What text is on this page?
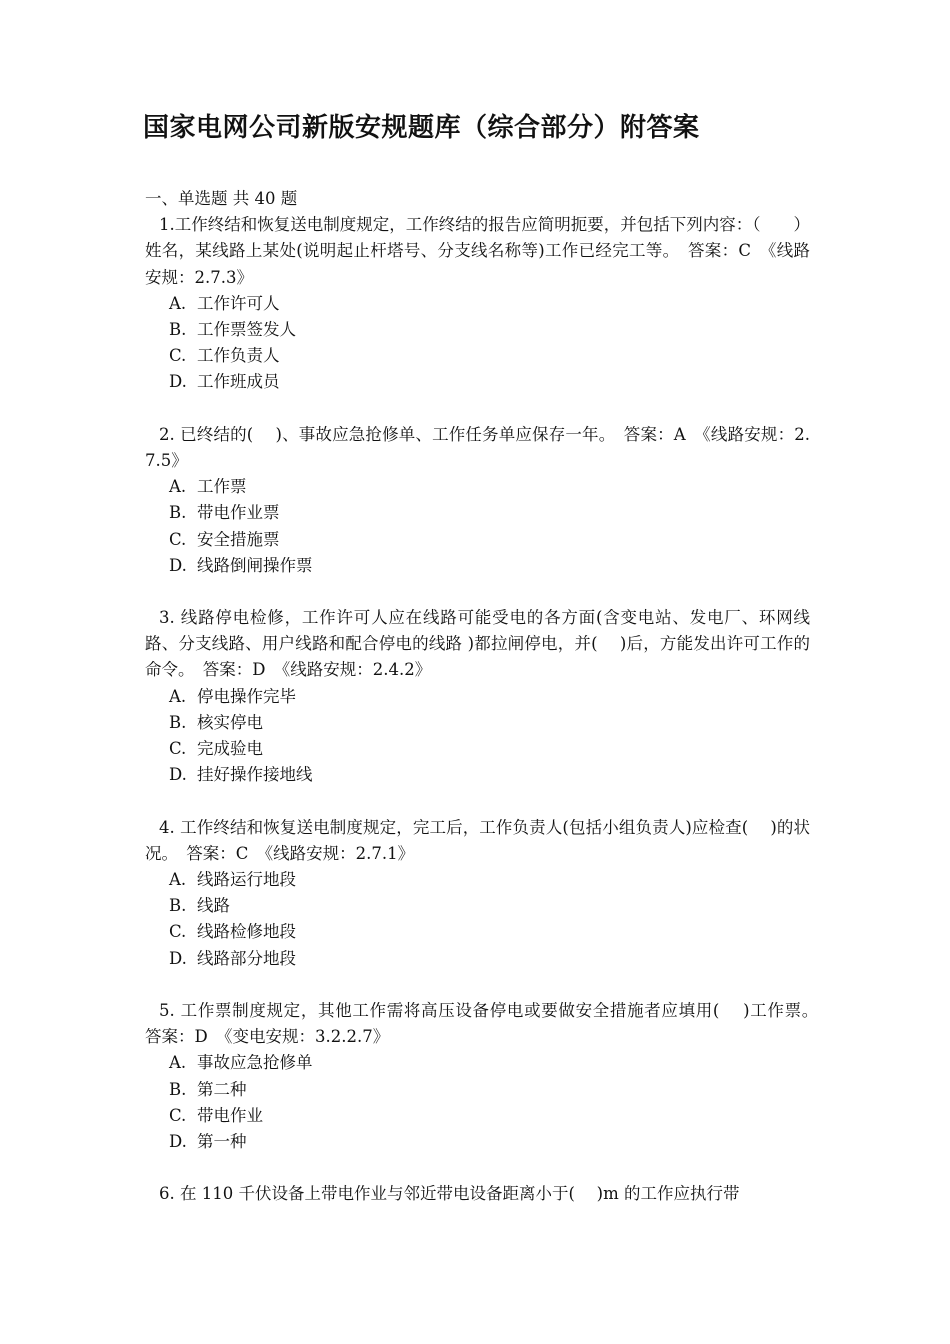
国家电网公司新版安规题库（综合部分）附答案
一、单选题 共 40 题
1.工作终结和恢复送电制度规定，工作终结的报告应简明扼要，并包括下列内容：（　　）姓名，某线路上某处(说明起止杆塔号、分支线名称等)工作已经完工等。　答案：C　《线路安规：2.7.3》
A. 工作许可人
B. 工作票签发人
C. 工作负责人
D. 工作班成员
2. 已终结的(　 )、事故应急抢修单、工作任务单应保存一年。　答案：A　《线路安规：2.7.5》
A. 工作票
B. 带电作业票
C. 安全措施票
D. 线路倒闸操作票
3. 线路停电检修，工作许可人应在线路可能受电的各方面(含变电站、发电厂、环网线路、分支线路、用户线路和配合停电的线路 )都拉闸停电，并(　 )后，方能发出许可工作的命令。　答案：D　《线路安规：2.4.2》
A. 停电操作完毕
B. 核实停电
C. 完成验电
D. 挂好操作接地线
4. 工作终结和恢复送电制度规定，完工后，工作负责人(包括小组负责人)应检查(　 )的状况。　答案：C　《线路安规：2.7.1》
A. 线路运行地段
B. 线路
C. 线路检修地段
D. 线路部分地段
5. 工作票制度规定，其他工作需将高压设备停电或要做安全措施者应填用(　 )工作票。　答案：D　《变电安规：3.2.2.7》
A. 事故应急抢修单
B. 第二种
C. 带电作业
D. 第一种
6. 在 110 千伏设备上带电作业与邻近带电设备距离小于(　 )m 的工作应执行带
